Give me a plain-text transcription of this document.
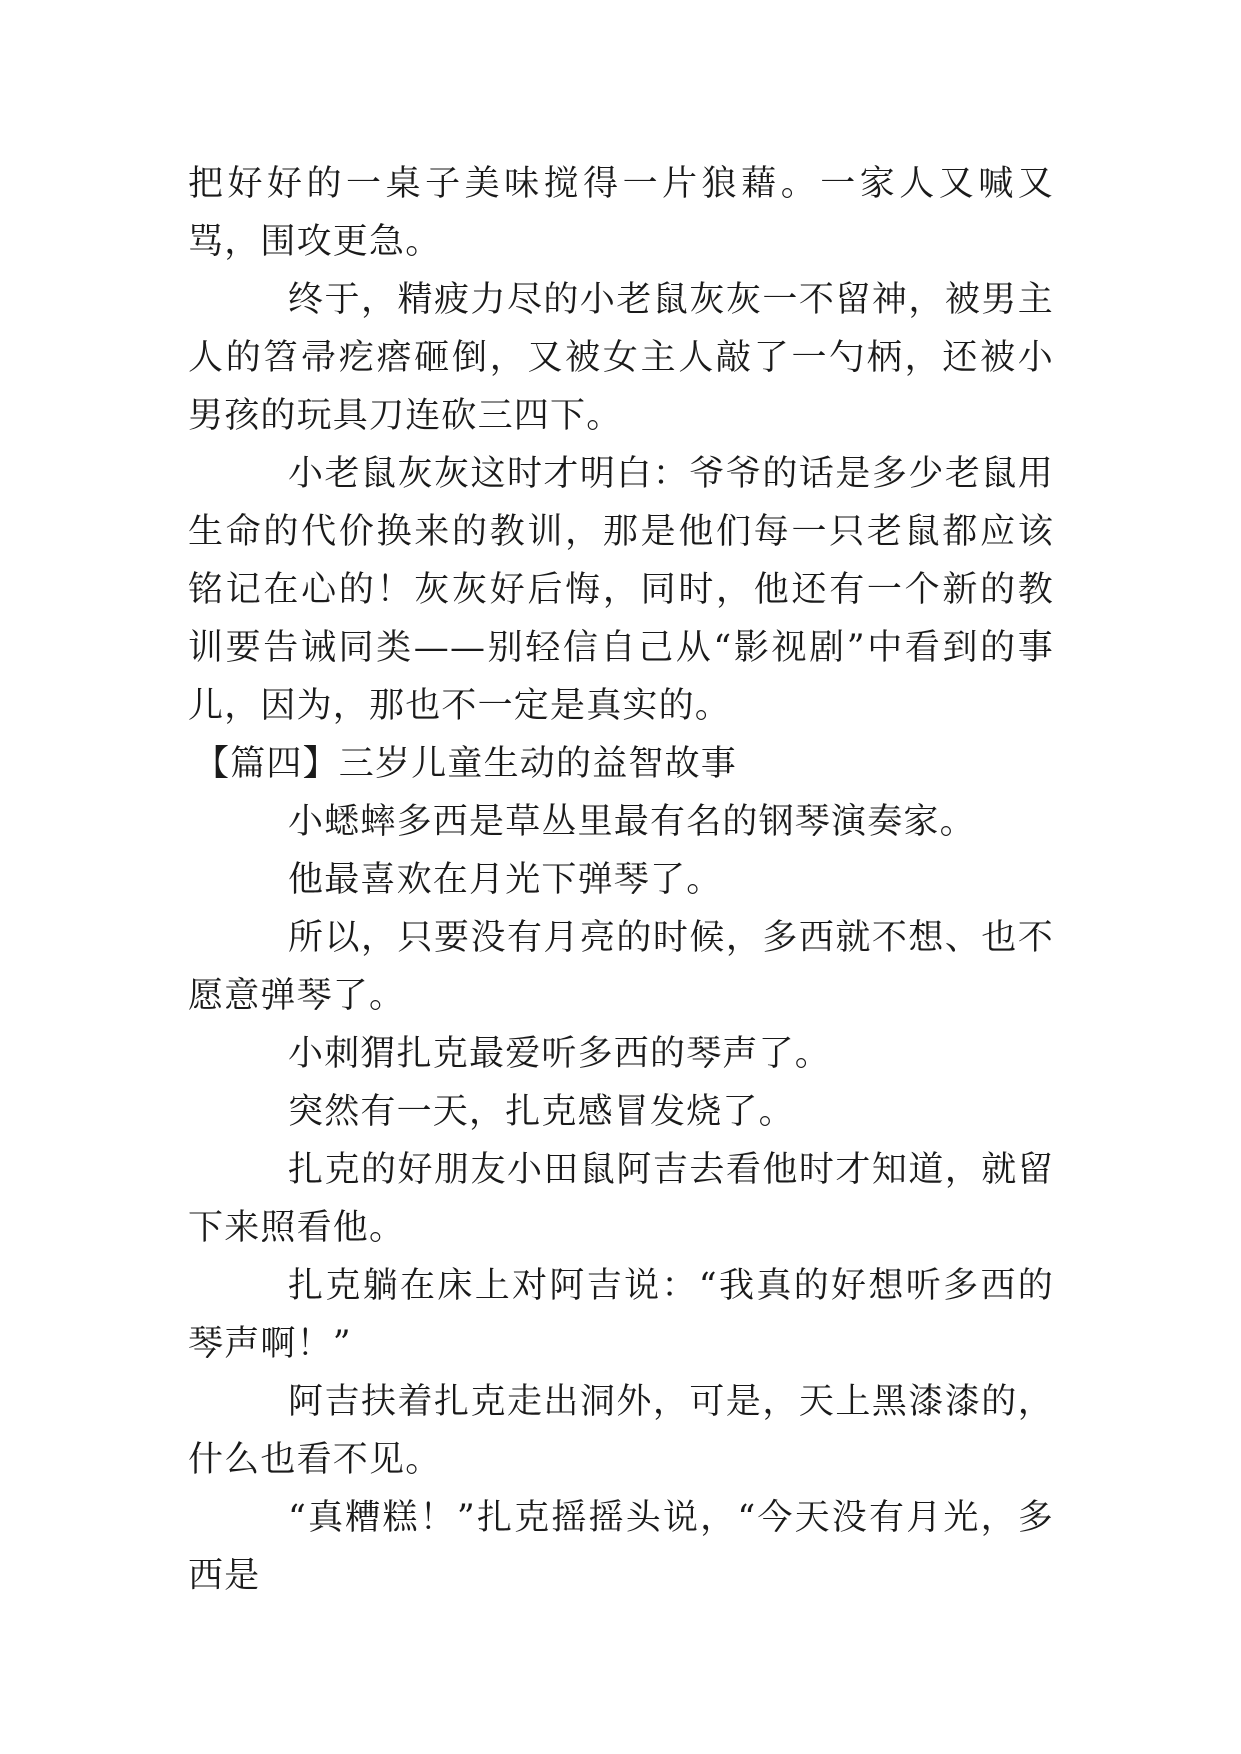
把好好的一桌子美味搅得一片狼藉。一家人又喊又骂，围攻更急。

终于，精疲力尽的小老鼠灰灰一不留神，被男主人的笤帚疙瘩砸倒，又被女主人敲了一勺柄，还被小男孩的玩具刀连砍三四下。

小老鼠灰灰这时才明白：爷爷的话是多少老鼠用生命的代价换来的教训，那是他们每一只老鼠都应该铭记在心的！灰灰好后悔，同时，他还有一个新的教训要告诫同类——别轻信自己从“影视剧”中看到的事儿，因为，那也不一定是真实的。

【篇四】三岁儿童生动的益智故事

小蟋蟀多西是草丛里最有名的钢琴演奏家。

他最喜欢在月光下弹琴了。

所以，只要没有月亮的时候，多西就不想、也不愿意弹琴了。

小刺猬扎克最爱听多西的琴声了。

突然有一天，扎克感冒发烧了。

扎克的好朋友小田鼠阿吉去看他时才知道，就留下来照看他。

扎克躺在床上对阿吉说：“我真的好想听多西的琴声啊！”

阿吉扶着扎克走出洞外，可是，天上黑漆漆的，什么也看不见。

“真糟糕！”扎克摇摇头说，“今天没有月光，多西是
